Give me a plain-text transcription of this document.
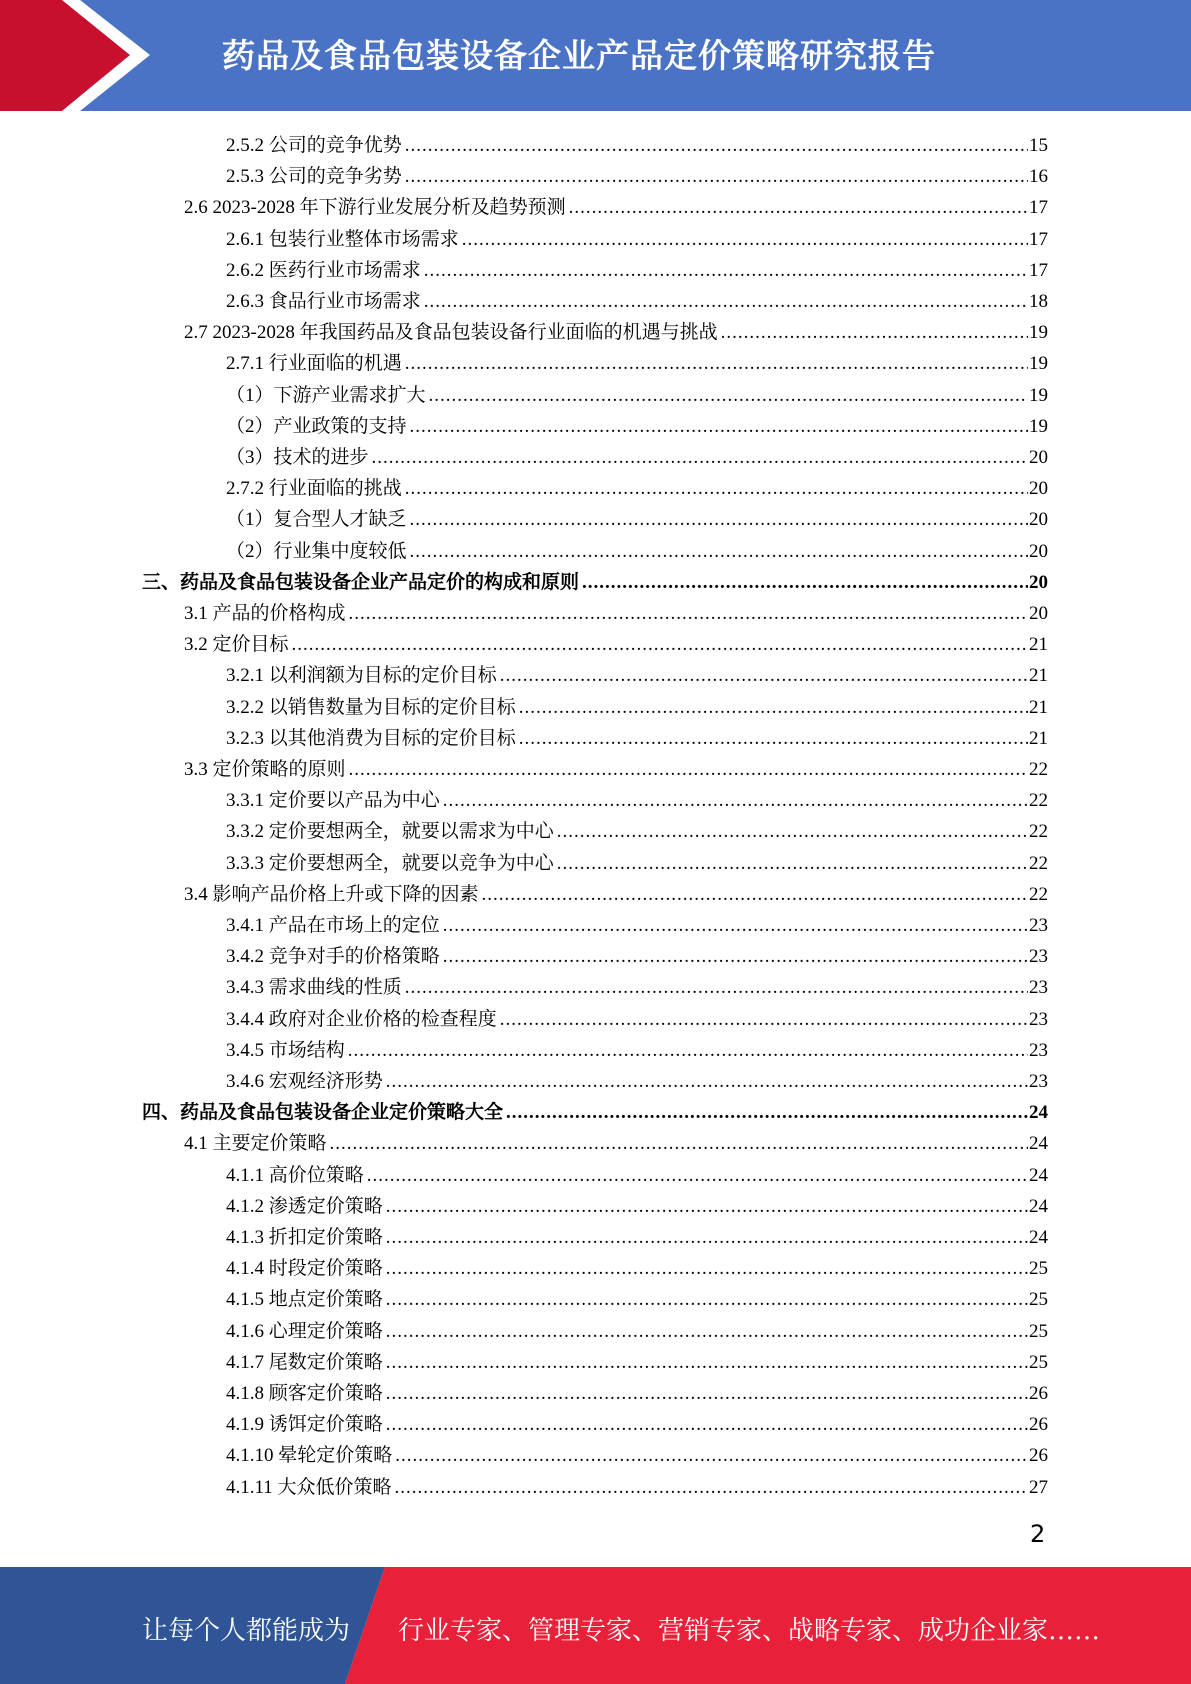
药品及食品包装设备企业产品定价策略研究报告
2.5.2 公司的竞争优势 .....	15
2.5.3 公司的竞争劣势 .....	16
2.6 2023-2028 年下游行业发展分析及趋势预测 .....	17
2.6.1 包装行业整体市场需求 .....	17
2.6.2 医药行业市场需求 .....	17
2.6.3 食品行业市场需求 .....	18
2.7 2023-2028 年我国药品及食品包装设备行业面临的机遇与挑战 .....	19
2.7.1 行业面临的机遇 .....	19
（1）下游产业需求扩大 .....	19
（2）产业政策的支持 .....	19
（3）技术的进步 .....	20
2.7.2 行业面临的挑战 .....	20
（1）复合型人才缺乏 .....	20
（2）行业集中度较低 .....	20
三、药品及食品包装设备企业产品定价的构成和原则 .....	20
3.1 产品的价格构成 .....	20
3.2 定价目标 .....	21
3.2.1 以利润额为目标的定价目标 .....	21
3.2.2 以销售数量为目标的定价目标 .....	21
3.2.3 以其他消费为目标的定价目标 .....	21
3.3 定价策略的原则 .....	22
3.3.1 定价要以产品为中心 .....	22
3.3.2 定价要想两全，就要以需求为中心 .....	22
3.3.3 定价要想两全，就要以竞争为中心 .....	22
3.4 影响产品价格上升或下降的因素 .....	22
3.4.1 产品在市场上的定位 .....	23
3.4.2 竞争对手的价格策略 .....	23
3.4.3 需求曲线的性质 .....	23
3.4.4 政府对企业价格的检查程度 .....	23
3.4.5 市场结构 .....	23
3.4.6 宏观经济形势 .....	23
四、药品及食品包装设备企业定价策略大全 .....	24
4.1 主要定价策略 .....	24
4.1.1 高价位策略 .....	24
4.1.2 渗透定价策略 .....	24
4.1.3 折扣定价策略 .....	24
4.1.4 时段定价策略 .....	25
4.1.5 地点定价策略 .....	25
4.1.6 心理定价策略 .....	25
4.1.7 尾数定价策略 .....	25
4.1.8 顾客定价策略 .....	26
4.1.9 诱饵定价策略 .....	26
4.1.10 晕轮定价策略 .....	26
4.1.11 大众低价策略 .....	27
2
让每个人都能成为 行业专家、管理专家、营销专家、战略专家、成功企业家……
